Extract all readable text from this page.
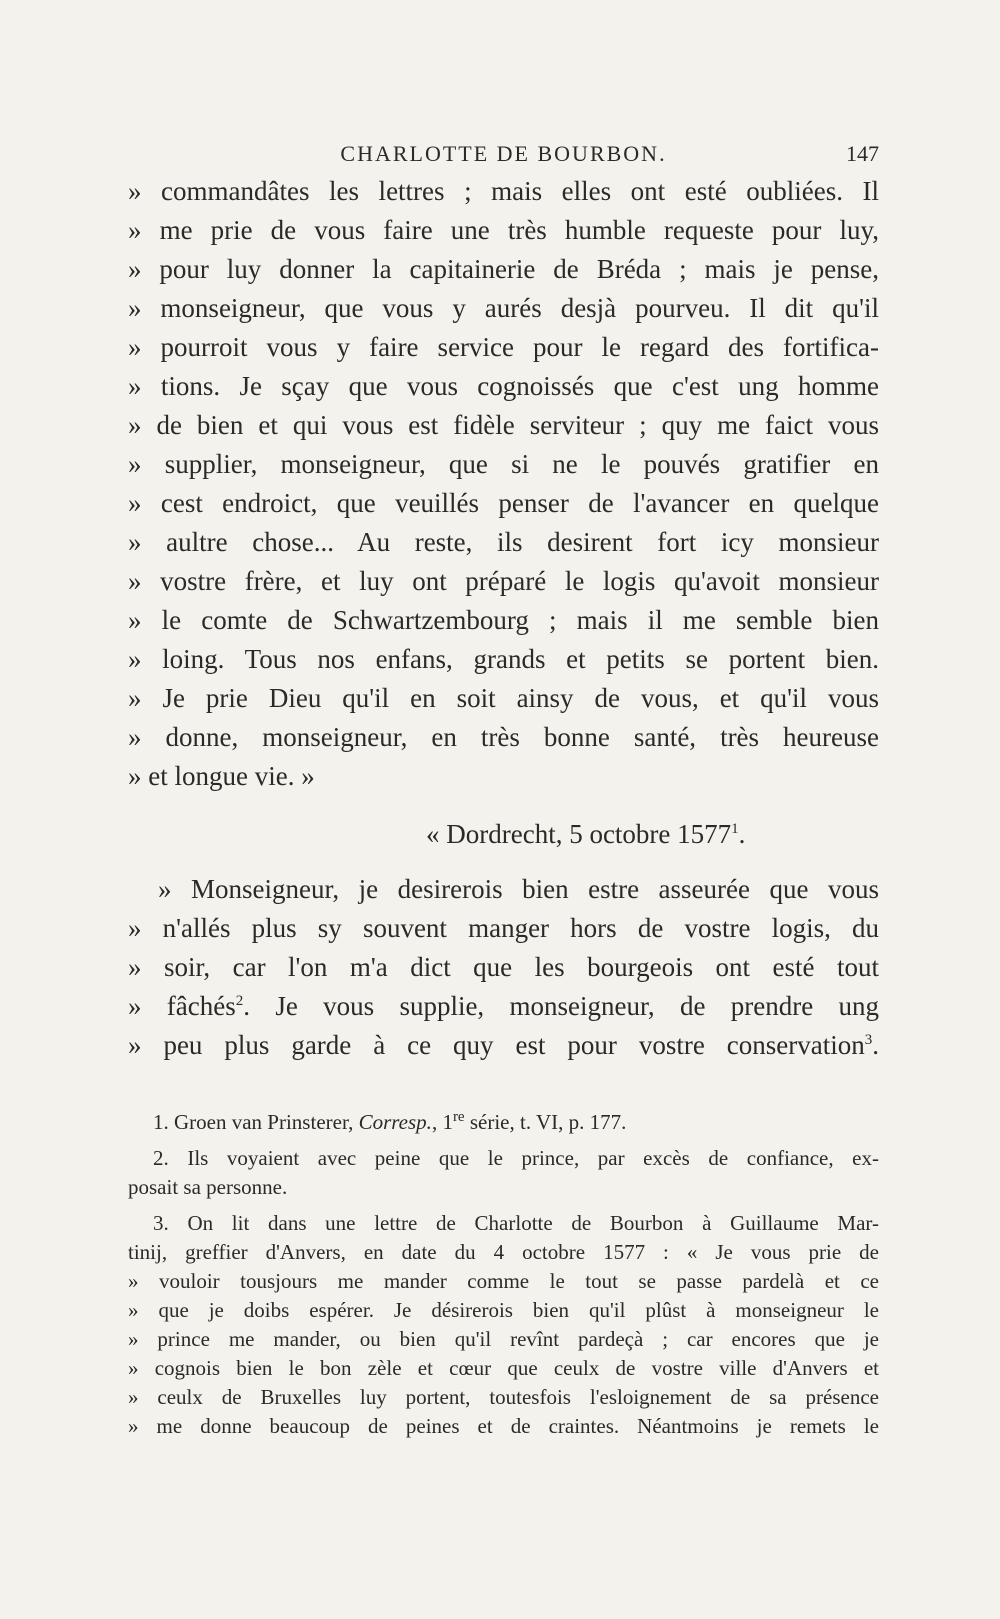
CHARLOTTE DE BOURBON.	147
» commandâtes les lettres ; mais elles ont esté oubliées. Il
» me prie de vous faire une très humble requeste pour luy,
» pour luy donner la capitainerie de Bréda ; mais je pense,
» monseigneur, que vous y aurés desjà pourveu. Il dit qu'il
» pourroit vous y faire service pour le regard des fortifica-
» tions. Je sçay que vous cognoissés que c'est ung homme
» de bien et qui vous est fidèle serviteur ; quy me faict vous
» supplier, monseigneur, que si ne le pouvés gratifier en
» cest endroict, que veuillés penser de l'avancer en quelque
» aultre chose... Au reste, ils desirent fort icy monsieur
» vostre frère, et luy ont préparé le logis qu'avoit monsieur
» le comte de Schwartzembourg ; mais il me semble bien
» loing. Tous nos enfans, grands et petits se portent bien.
» Je prie Dieu qu'il en soit ainsy de vous, et qu'il vous
» donne, monseigneur, en très bonne santé, très heureuse
» et longue vie. »
« Dordrecht, 5 octobre 1577$^1$.
» Monseigneur, je desirerois bien estre asseurée que vous
» n'allés plus sy souvent manger hors de vostre logis, du
» soir, car l'on m'a dict que les bourgeois ont esté tout
» fâchés$^2$. Je vous supplie, monseigneur, de prendre ung
» peu plus garde à ce quy est pour vostre conservation$^3$.
1. Groen van Prinsterer, Corresp., 1re série, t. VI, p. 177.
2. Ils voyaient avec peine que le prince, par excès de confiance, ex-
posait sa personne.
3. On lit dans une lettre de Charlotte de Bourbon à Guillaume Mar-
tinij, greffier d'Anvers, en date du 4 octobre 1577 : « Je vous prie de
» vouloir tousjours me mander comme le tout se passe pardelà et ce
» que je doibs espérer. Je désirerois bien qu'il plûst à monseigneur le
» prince me mander, ou bien qu'il revînt pardeçà ; car encores que je
» cognois bien le bon zèle et cœur que ceulx de vostre ville d'Anvers et
» ceulx de Bruxelles luy portent, toutesfois l'esloignement de sa présence
» me donne beaucoup de peines et de craintes. Néantmoins je remets le
